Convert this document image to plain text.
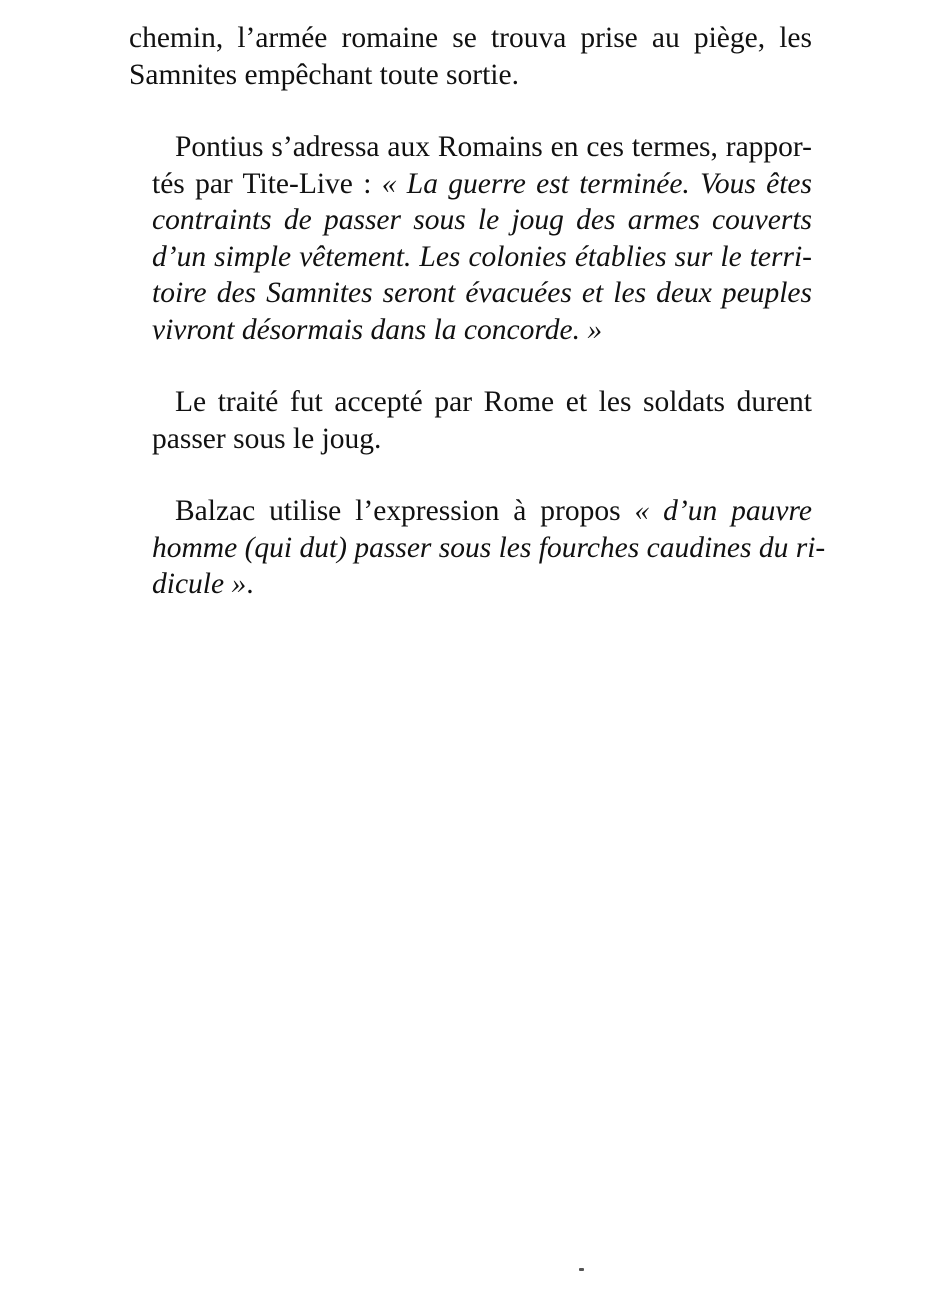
chemin, l’armée romaine se trouva prise au piège, les
Samnites empêchant toute sortie.

Pontius s’adressa aux Romains en ces termes, rappor-
tés par Tite-Live : « La guerre est terminée. Vous êtes
contraints de passer sous le joug des armes couverts
d’un simple vêtement. Les colonies établies sur le terri-
toire des Samnites seront évacuées et les deux peuples
vivront désormais dans la concorde. »

Le traité fut accepté par Rome et les soldats durent
passer sous le joug.

Balzac utilise l’expression à propos « d’un pauvre
homme (qui dut) passer sous les fourches caudines du ri-
dicule ».
